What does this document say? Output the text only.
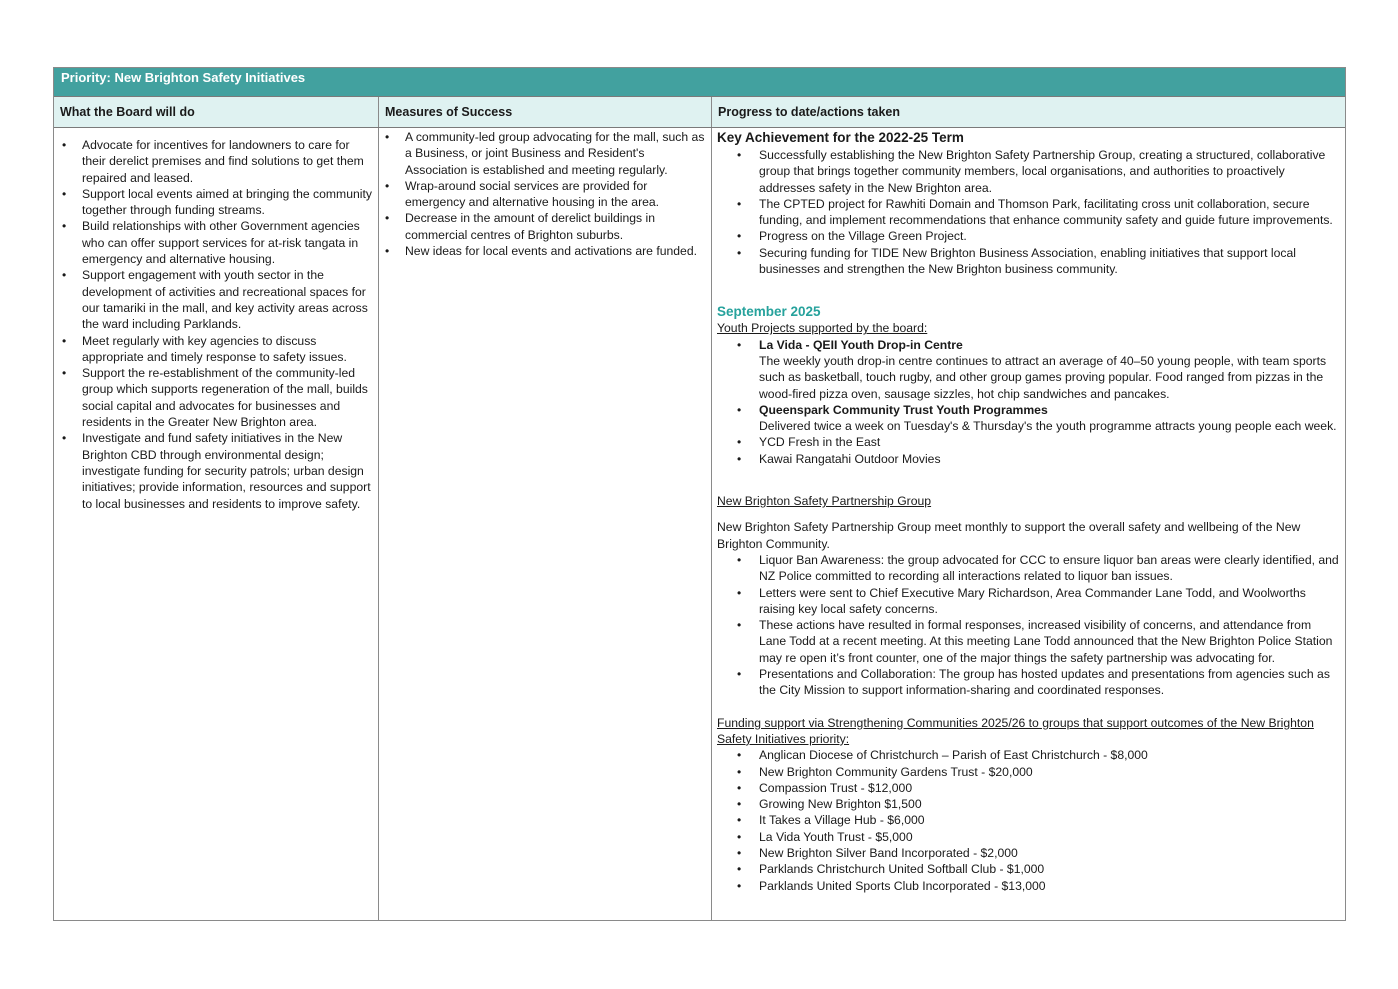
Priority: New Brighton Safety Initiatives
What the Board will do	Measures of Success	Progress to date/actions taken
• Advocate for incentives for landowners to care for their derelict premises and find solutions to get them repaired and leased.
• Support local events aimed at bringing the community together through funding streams.
• Build relationships with other Government agencies who can offer support services for at-risk tangata in emergency and alternative housing.
• Support engagement with youth sector in the development of activities and recreational spaces for our tamariki in the mall, and key activity areas across the ward including Parklands.
• Meet regularly with key agencies to discuss appropriate and timely response to safety issues.
• Support the re-establishment of the community-led group which supports regeneration of the mall, builds social capital and advocates for businesses and residents in the Greater New Brighton area.
• Investigate and fund safety initiatives in the New Brighton CBD through environmental design; investigate funding for security patrols; urban design initiatives; provide information, resources and support to local businesses and residents to improve safety.
• A community-led group advocating for the mall, such as a Business, or joint Business and Resident's Association is established and meeting regularly.
• Wrap-around social services are provided for emergency and alternative housing in the area.
• Decrease in the amount of derelict buildings in commercial centres of Brighton suburbs.
• New ideas for local events and activations are funded.
Key Achievement for the 2022-25 Term
• Successfully establishing the New Brighton Safety Partnership Group, creating a structured, collaborative group that brings together community members, local organisations, and authorities to proactively addresses safety in the New Brighton area.
• The CPTED project for Rawhiti Domain and Thomson Park, facilitating cross unit collaboration, secure funding, and implement recommendations that enhance community safety and guide future improvements.
• Progress on the Village Green Project.
• Securing funding for TIDE New Brighton Business Association, enabling initiatives that support local businesses and strengthen the New Brighton business community.
September 2025
Youth Projects supported by the board:
• La Vida - QEII Youth Drop-in Centre
The weekly youth drop-in centre continues to attract an average of 40–50 young people, with team sports such as basketball, touch rugby, and other group games proving popular. Food ranged from pizzas in the wood-fired pizza oven, sausage sizzles, hot chip sandwiches and pancakes.
• Queenspark Community Trust Youth Programmes
Delivered twice a week on Tuesday's & Thursday's the youth programme attracts young people each week.
• YCD Fresh in the East
• Kawai Rangatahi Outdoor Movies
New Brighton Safety Partnership Group
New Brighton Safety Partnership Group meet monthly to support the overall safety and wellbeing of the New Brighton Community.
• Liquor Ban Awareness: the group advocated for CCC to ensure liquor ban areas were clearly identified, and NZ Police committed to recording all interactions related to liquor ban issues.
• Letters were sent to Chief Executive Mary Richardson, Area Commander Lane Todd, and Woolworths raising key local safety concerns.
• These actions have resulted in formal responses, increased visibility of concerns, and attendance from Lane Todd at a recent meeting. At this meeting Lane Todd announced that the New Brighton Police Station may re open it’s front counter, one of the major things the safety partnership was advocating for.
• Presentations and Collaboration: The group has hosted updates and presentations from agencies such as the City Mission to support information-sharing and coordinated responses.
Funding support via Strengthening Communities 2025/26 to groups that support outcomes of the New Brighton Safety Initiatives priority:
• Anglican Diocese of Christchurch – Parish of East Christchurch - $8,000
• New Brighton Community Gardens Trust - $20,000
• Compassion Trust - $12,000
• Growing New Brighton $1,500
• It Takes a Village Hub - $6,000
• La Vida Youth Trust - $5,000
• New Brighton Silver Band Incorporated - $2,000
• Parklands Christchurch United Softball Club - $1,000
• Parklands United Sports Club Incorporated - $13,000
